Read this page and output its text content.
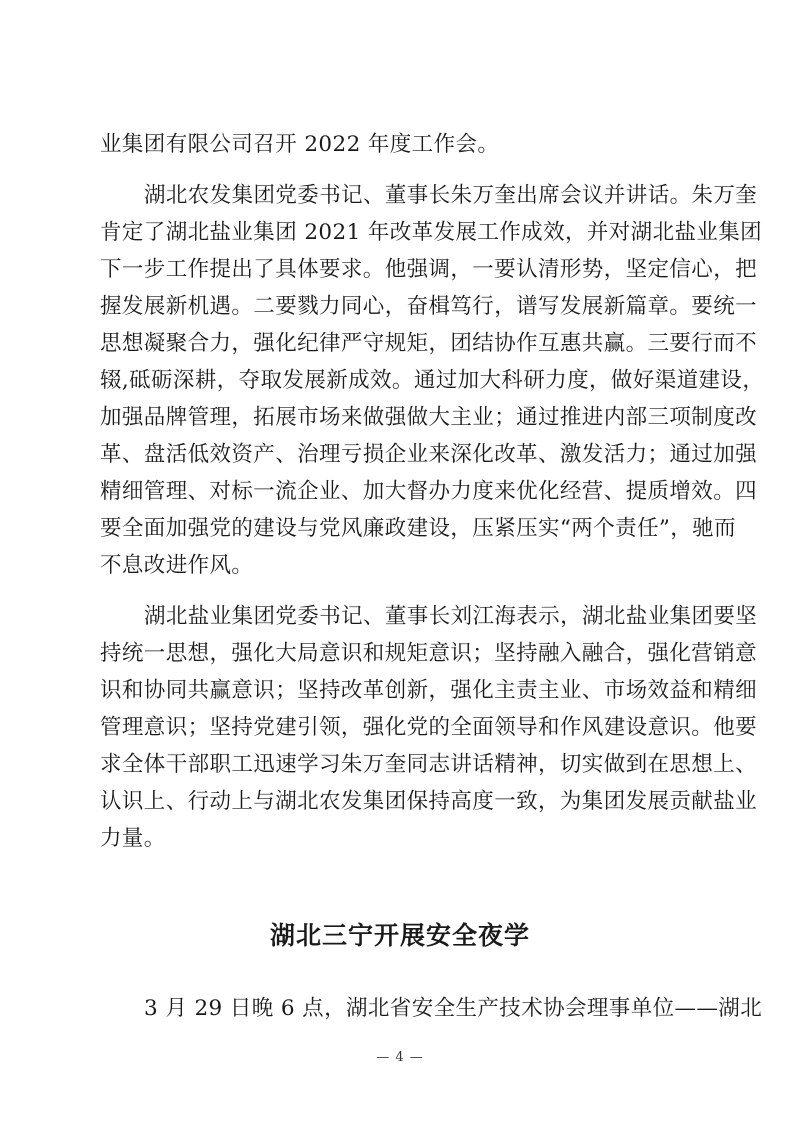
业集团有限公司召开 2022 年度工作会。
湖北农发集团党委书记、董事长朱万奎出席会议并讲话。朱万奎
肯定了湖北盐业集团 2021 年改革发展工作成效，并对湖北盐业集团
下一步工作提出了具体要求。他强调，一要认清形势，坚定信心，把
握发展新机遇。二要戮力同心，奋楫笃行，谱写发展新篇章。要统一
思想凝聚合力，强化纪律严守规矩，团结协作互惠共赢。三要行而不
辍,砥砺深耕，夺取发展新成效。通过加大科研力度，做好渠道建设，
加强品牌管理，拓展市场来做强做大主业；通过推进内部三项制度改
革、盘活低效资产、治理亏损企业来深化改革、激发活力；通过加强
精细管理、对标一流企业、加大督办力度来优化经营、提质增效。四
要全面加强党的建设与党风廉政建设，压紧压实“两个责任”，驰而
不息改进作风。
湖北盐业集团党委书记、董事长刘江海表示，湖北盐业集团要坚
持统一思想，强化大局意识和规矩意识；坚持融入融合，强化营销意
识和协同共赢意识；坚持改革创新，强化主责主业、市场效益和精细
管理意识；坚持党建引领，强化党的全面领导和作风建设意识。他要
求全体干部职工迅速学习朱万奎同志讲话精神，切实做到在思想上、
认识上、行动上与湖北农发集团保持高度一致，为集团发展贡献盐业
力量。
湖北三宁开展安全夜学
3 月 29 日晚 6 点，湖北省安全生产技术协会理事单位——湖北
— 4 —
